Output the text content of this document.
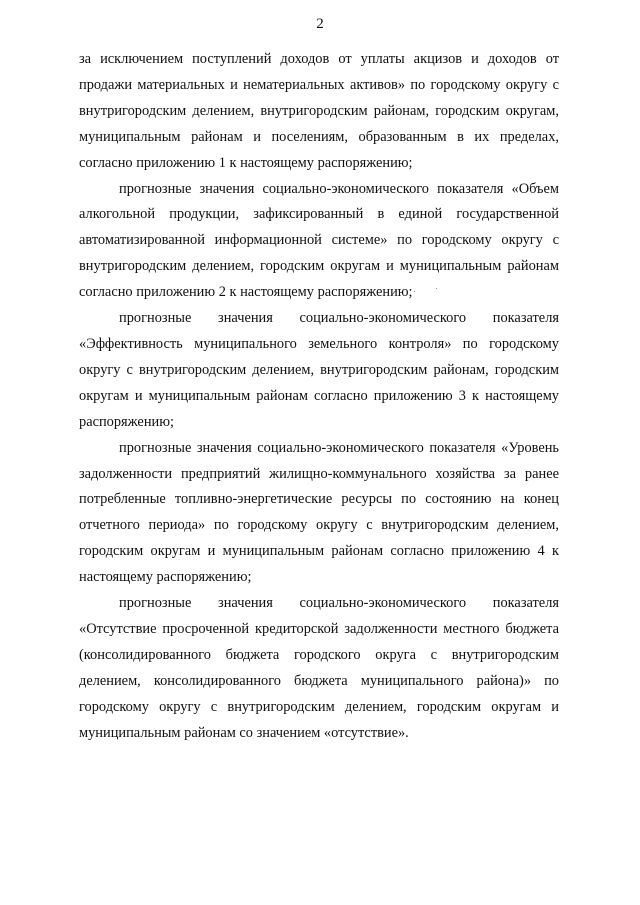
2

за исключением поступлений доходов от уплаты акцизов и доходов от продажи материальных и нематериальных активов» по городскому округу с внутригородским делением, внутригородским районам, городским округам, муниципальным районам и поселениям, образованным в их пределах, согласно приложению 1 к настоящему распоряжению;

прогнозные значения социально-экономического показателя «Объем алкогольной продукции, зафиксированный в единой государственной автоматизированной информационной системе» по городскому округу с внутригородским делением, городским округам и муниципальным районам согласно приложению 2 к настоящему распоряжению;

прогнозные значения социально-экономического показателя «Эффективность муниципального земельного контроля» по городскому округу с внутригородским делением, внутригородским районам, городским округам и муниципальным районам согласно приложению 3 к настоящему распоряжению;

прогнозные значения социально-экономического показателя «Уровень задолженности предприятий жилищно-коммунального хозяйства за ранее потребленные топливно-энергетические ресурсы по состоянию на конец отчетного периода» по городскому округу с внутригородским делением, городским округам и муниципальным районам согласно приложению 4 к настоящему распоряжению;

прогнозные значения социально-экономического показателя «Отсутствие просроченной кредиторской задолженности местного бюджета (консолидированного бюджета городского округа с внутригородским делением, консолидированного бюджета муниципального района)» по городскому округу с внутригородским делением, городским округам и муниципальным районам со значением «отсутствие».
